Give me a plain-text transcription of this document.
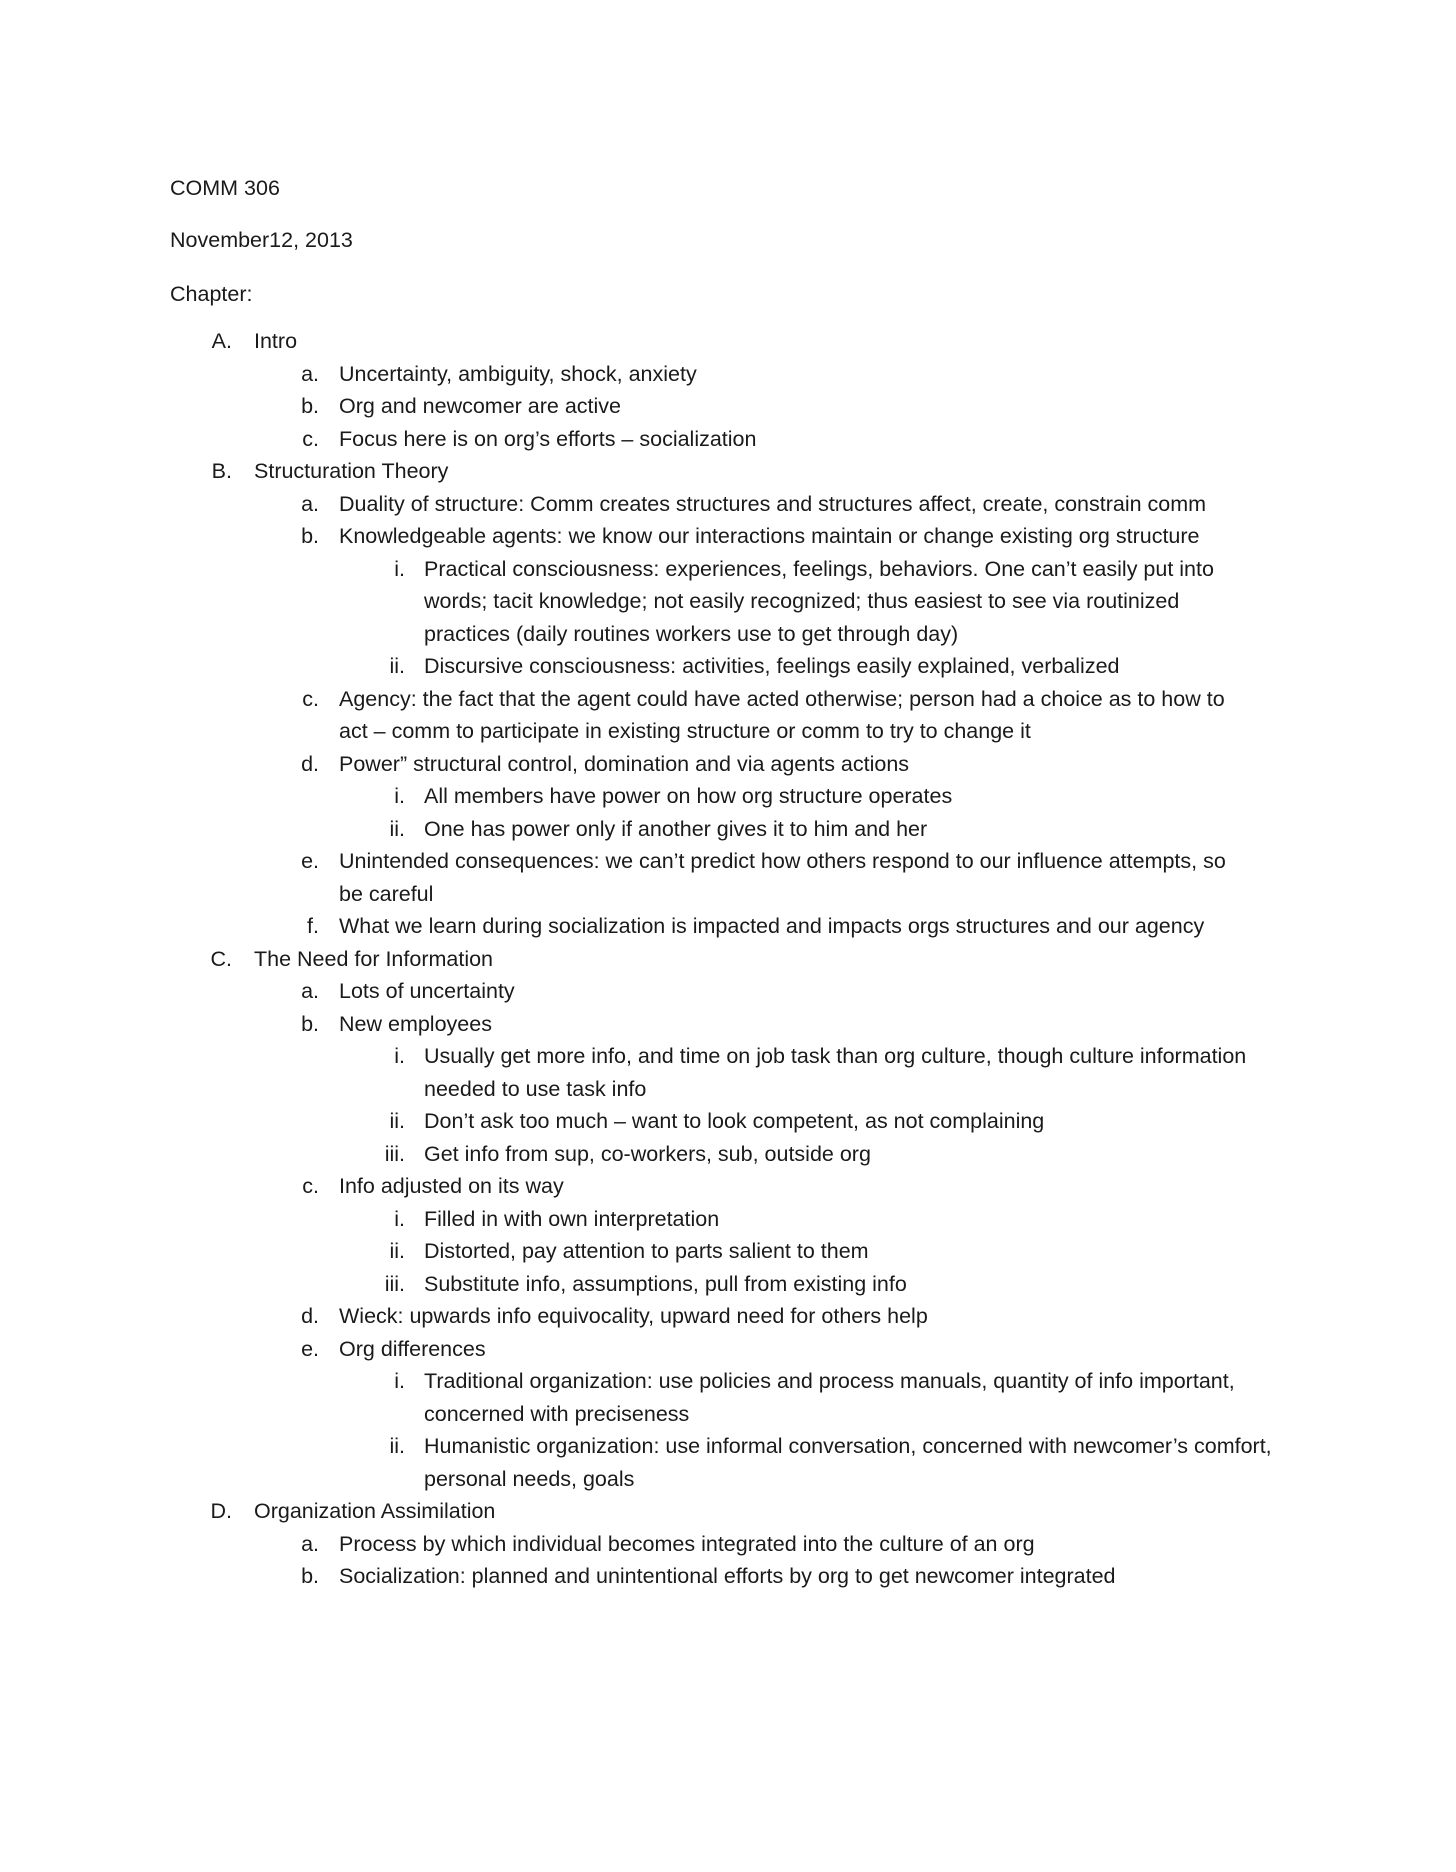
COMM 306

November12, 2013

Chapter:

A. Intro
a. Uncertainty, ambiguity, shock, anxiety
b. Org and newcomer are active
c. Focus here is on org’s efforts – socialization
B. Structuration Theory
a. Duality of structure: Comm creates structures and structures affect, create, constrain comm
b. Knowledgeable agents: we know our interactions maintain or change existing org structure
i. Practical consciousness: experiences, feelings, behaviors. One can’t easily put into words; tacit knowledge; not easily recognized; thus easiest to see via routinized practices (daily routines workers use to get through day)
ii. Discursive consciousness: activities, feelings easily explained, verbalized
c. Agency: the fact that the agent could have acted otherwise; person had a choice as to how to act – comm to participate in existing structure or comm to try to change it
d. Power” structural control, domination and via agents actions
i. All members have power on how org structure operates
ii. One has power only if another gives it to him and her
e. Unintended consequences: we can’t predict how others respond to our influence attempts, so be careful
f. What we learn during socialization is impacted and impacts orgs structures and our agency
C. The Need for Information
a. Lots of uncertainty
b. New employees
i. Usually get more info, and time on job task than org culture, though culture information needed to use task info
ii. Don’t ask too much – want to look competent, as not complaining
iii. Get info from sup, co-workers, sub, outside org
c. Info adjusted on its way
i. Filled in with own interpretation
ii. Distorted, pay attention to parts salient to them
iii. Substitute info, assumptions, pull from existing info
d. Wieck: upwards info equivocality, upward need for others help
e. Org differences
i. Traditional organization: use policies and process manuals, quantity of info important, concerned with preciseness
ii. Humanistic organization: use informal conversation, concerned with newcomer’s comfort, personal needs, goals
D. Organization Assimilation
a. Process by which individual becomes integrated into the culture of an org
b. Socialization: planned and unintentional efforts by org to get newcomer integrated
